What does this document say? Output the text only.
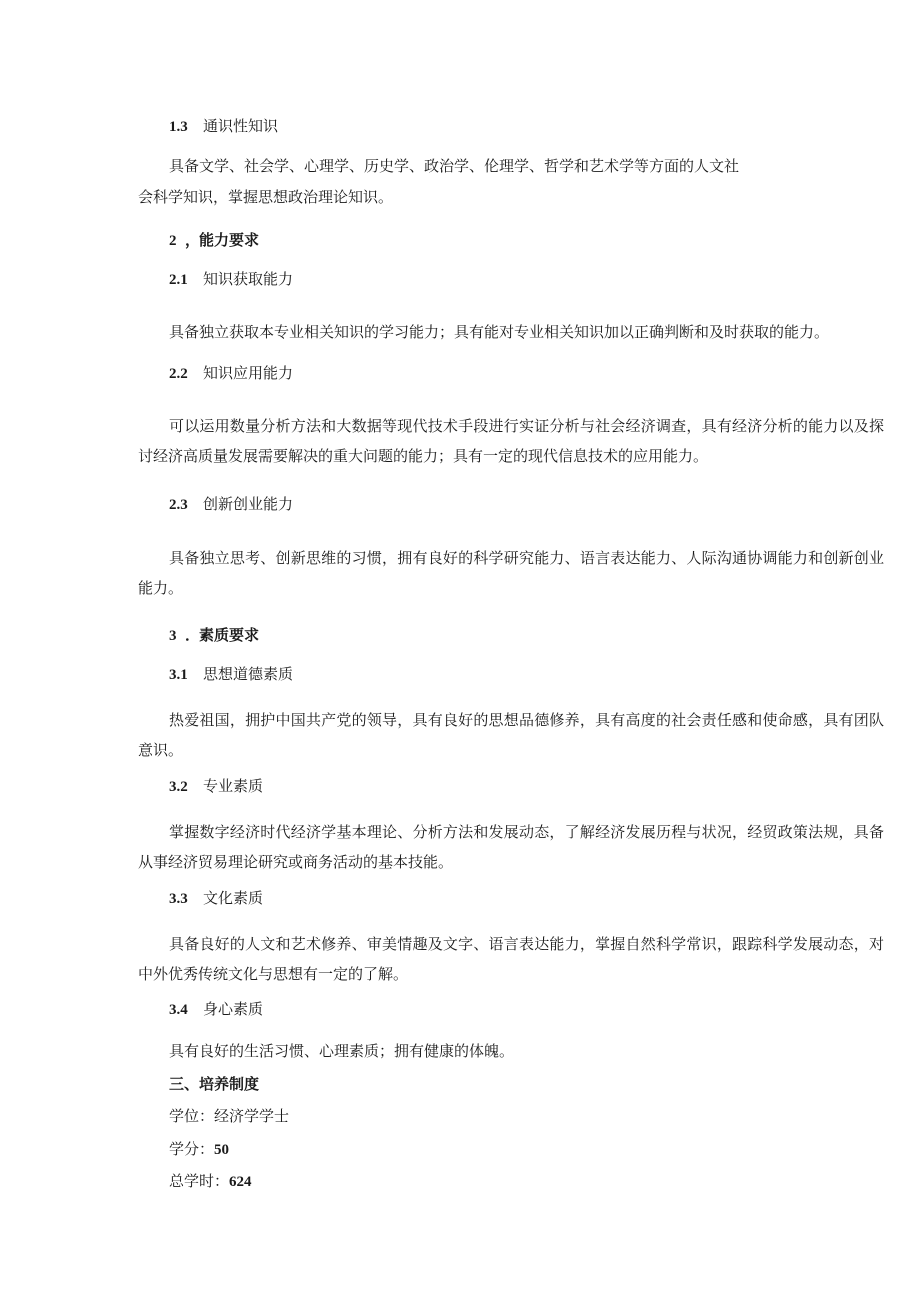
1.3 通识性知识
具备文学、社会学、心理学、历史学、政治学、伦理学、哲学和艺术学等方面的人文社
会科学知识，掌握思想政治理论知识。
2 ，能力要求
2.1 知识获取能力
具备独立获取本专业相关知识的学习能力；具有能对专业相关知识加以正确判断和及时获取的能力。
2.2 知识应用能力
可以运用数量分析方法和大数据等现代技术手段进行实证分析与社会经济调查，具有经济分析的能力以及探讨经济高质量发展需要解决的重大问题的能力；具有一定的现代信息技术的应用能力。
2.3 创新创业能力
具备独立思考、创新思维的习惯，拥有良好的科学研究能力、语言表达能力、人际沟通协调能力和创新创业能力。
3 ．素质要求
3.1 思想道德素质
热爱祖国，拥护中国共产党的领导，具有良好的思想品德修养，具有高度的社会责任感和使命感，具有团队意识。
3.2 专业素质
掌握数字经济时代经济学基本理论、分析方法和发展动态，了解经济发展历程与状况，经贸政策法规，具备从事经济贸易理论研究或商务活动的基本技能。
3.3 文化素质
具备良好的人文和艺术修养、审美情趣及文字、语言表达能力，掌握自然科学常识，跟踪科学发展动态，对中外优秀传统文化与思想有一定的了解。
3.4 身心素质
具有良好的生活习惯、心理素质；拥有健康的体魄。
三、培养制度
学位：经济学学士
学分：50
总学时：624
